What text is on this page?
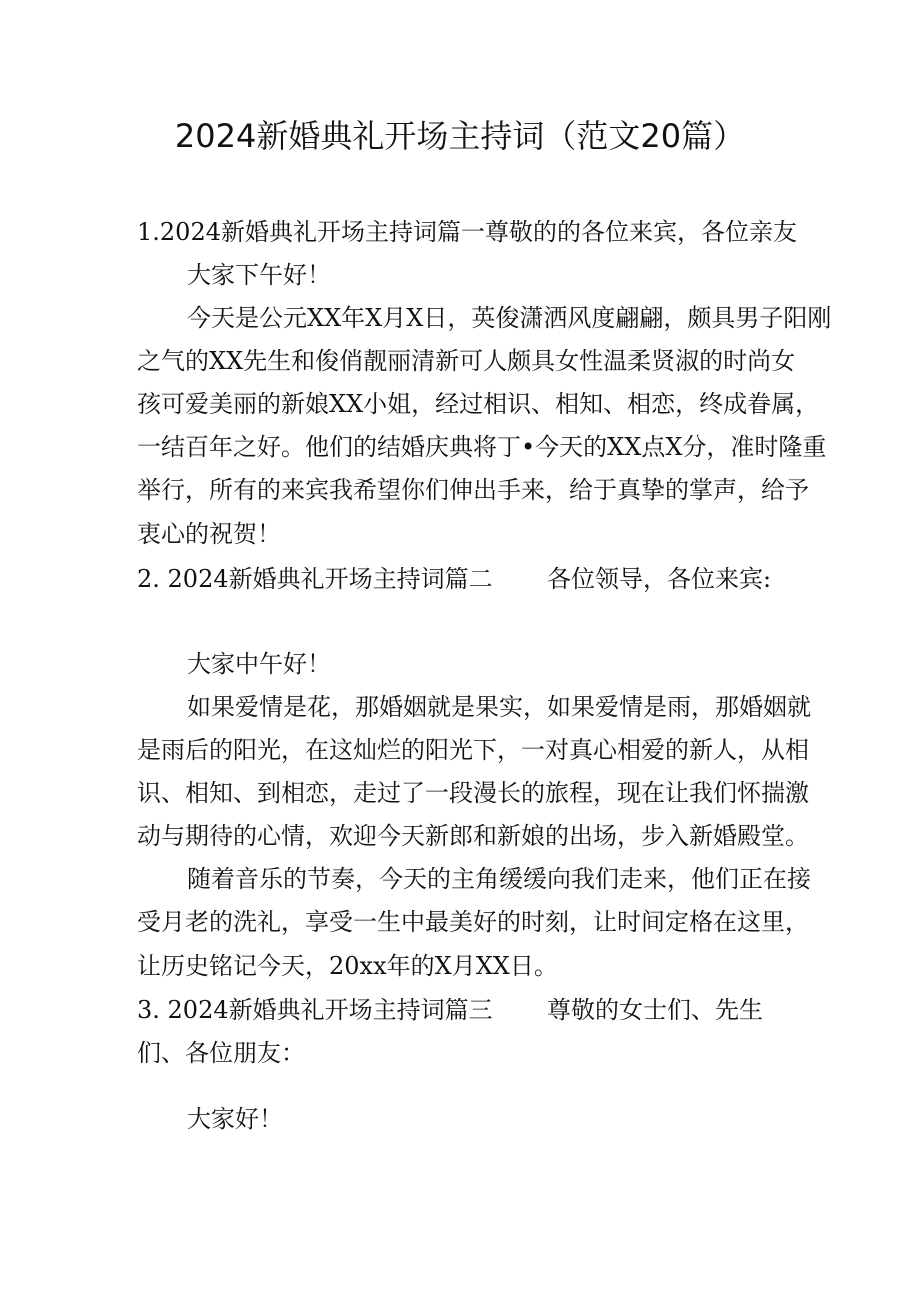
2024新婚典礼开场主持词（范文20篇）
1.2024新婚典礼开场主持词篇一尊敬的的各位来宾，各位亲友
大家下午好！
今天是公元XX年X月X日，英俊潇洒风度翩翩，颇具男子阳刚
之气的XX先生和俊俏靓丽清新可人颇具女性温柔贤淑的时尚女
孩可爱美丽的新娘XX小姐，经过相识、相知、相恋，终成眷属，
一结百年之好。他们的结婚庆典将丁•今天的XX点X分，准时隆重
举行，所有的来宾我希望你们伸出手来，给于真挚的掌声，给予
衷心的祝贺！
2. 2024新婚典礼开场主持词篇二 各位领导，各位来宾:
大家中午好！
如果爱情是花，那婚姻就是果实，如果爱情是雨，那婚姻就
是雨后的阳光，在这灿烂的阳光下，一对真心相爱的新人，从相
识、相知、到相恋，走过了一段漫长的旅程，现在让我们怀揣激
动与期待的心情，欢迎今天新郎和新娘的出场，步入新婚殿堂。
随着音乐的节奏，今天的主角缓缓向我们走来，他们正在接
受月老的洗礼，享受一生中最美好的时刻，让时间定格在这里，
让历史铭记今天，20xx年的X月XX日。
3. 2024新婚典礼开场主持词篇三 尊敬的女士们、先生
们、各位朋友：
大家好！
